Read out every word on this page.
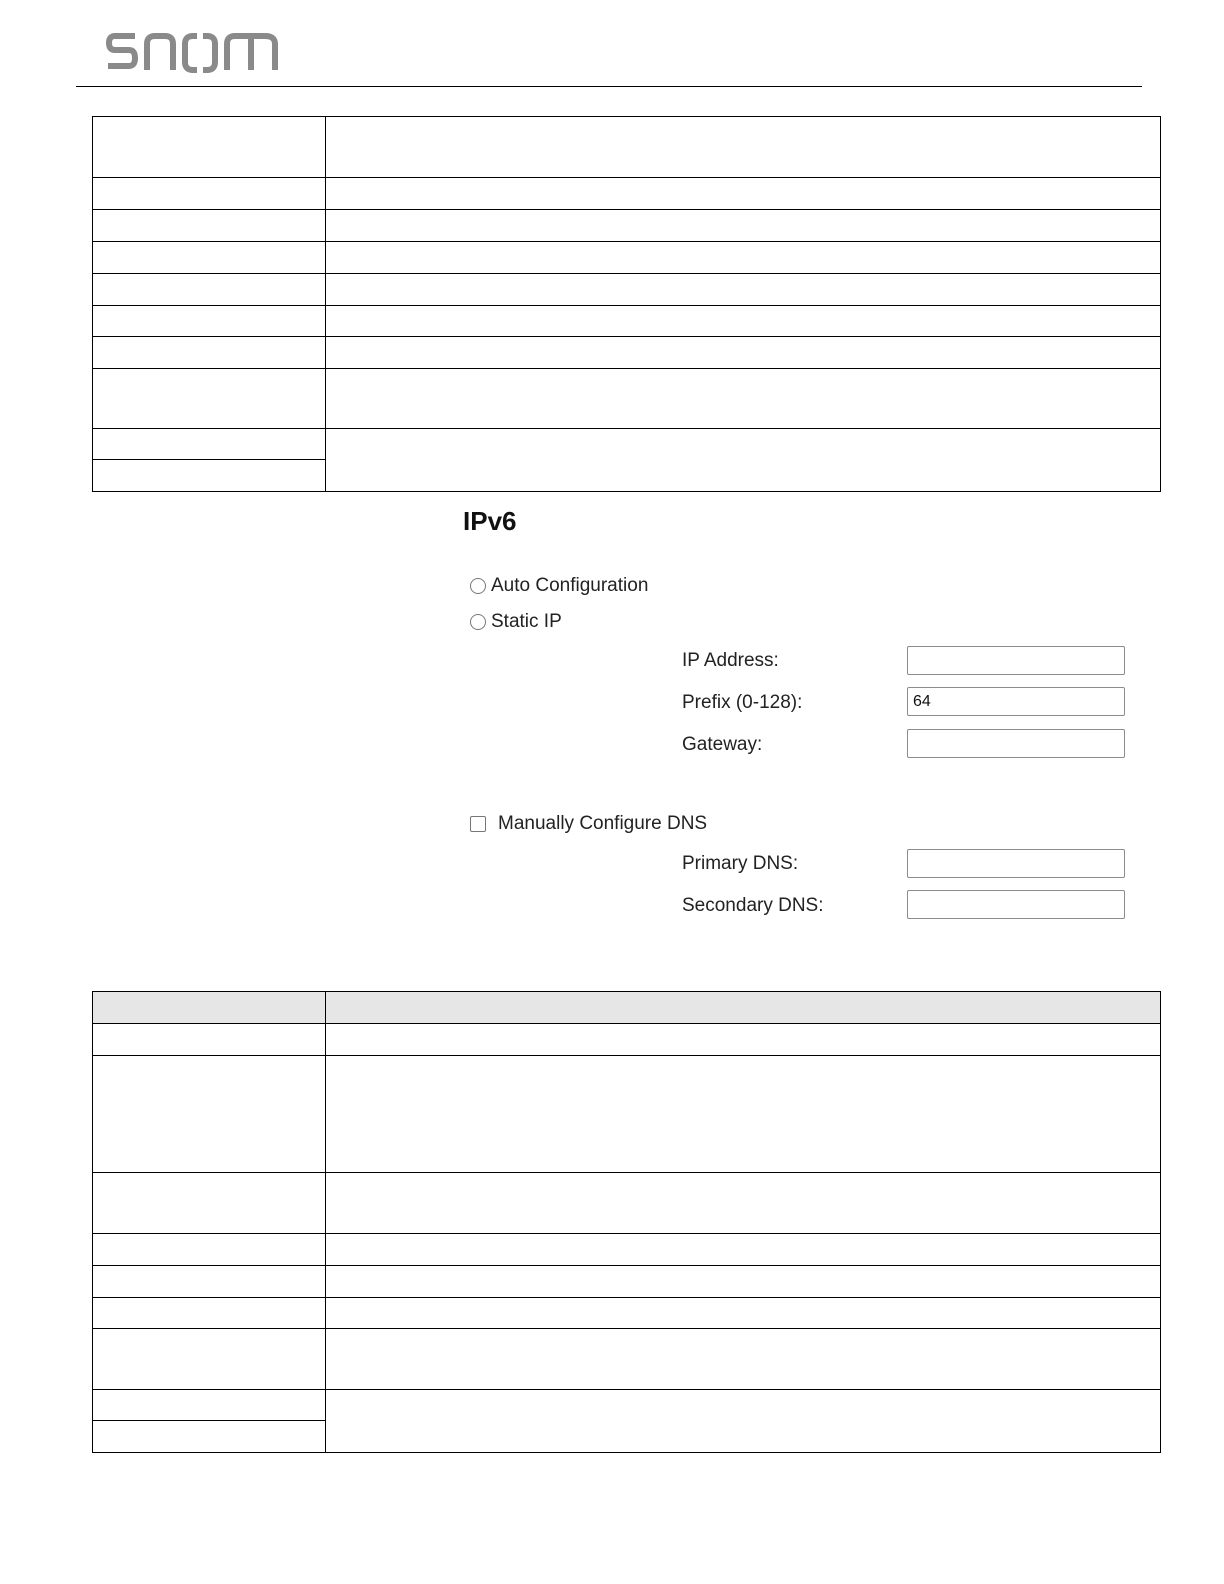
IPv6
Auto Configuration
Static IP
IP Address:
Prefix (0-128):
64
Gateway:
Manually Configure DNS
Primary DNS:
Secondary DNS:
